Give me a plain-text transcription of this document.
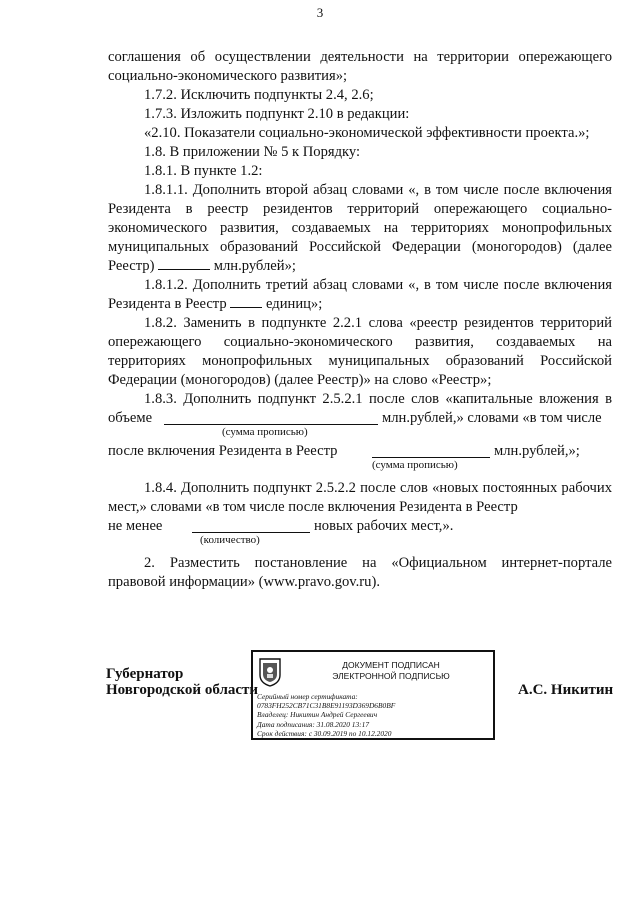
3
соглашения об осуществлении деятельности на территории опережающего
социально-экономического развития»;

1.7.2. Исключить подпункты 2.4, 2.6;

1.7.3. Изложить подпункт 2.10 в редакции:

«2.10. Показатели социально-экономической эффективности проекта.»;

1.8. В приложении № 5 к Порядку:

1.8.1. В пункте 1.2:

1.8.1.1. Дополнить второй абзац словами «, в том числе после включения Резидента в реестр резидентов территорий опережающего социально-экономического развития, создаваемых на территориях монопрофильных муниципальных образований Российской Федерации (моногородов) (далее Реестр)	млн.рублей»;

1.8.1.2. Дополнить третий абзац словами «, в том числе после включения Резидента в Реестр	единиц»;

1.8.2. Заменить в подпункте 2.2.1 слова «реестр резидентов территорий опережающего социально-экономического развития, создаваемых на территориях монопрофильных муниципальных образований Российской Федерации (моногородов) (далее Реестр)» на слово «Реестр»;

1.8.3. Дополнить подпункт 2.5.2.1 после слов «капитальные вложения в
объеме	млн.рублей,» словами «в том числе
(сумма прописью)
после включения Резидента в Реестр	млн.рублей,»;
(сумма прописью)

1.8.4. Дополнить подпункт 2.5.2.2 после слов «новых постоянных рабочих мест,» словами «в том числе после включения Резидента в Реестр

не менее	новых рабочих мест,».
(количество)

2. Разместить постановление на «Официальном интернет-портале правовой информации» (www.pravo.gov.ru).

Губернатор
Новгородской области
ДОКУМЕНТ ПОДПИСАН
ЭЛЕКТРОННОЙ ПОДПИСЬЮ
Серийный номер сертификата:
0783FH252CB71C31B8E91193D369D6B0BF
Владелец: Никитин Андрей Сергеевич
Дата подписания: 31.08.2020 13:17
Срок действия: с 30.09.2019 по 10.12.2020
А.С. Никитин
